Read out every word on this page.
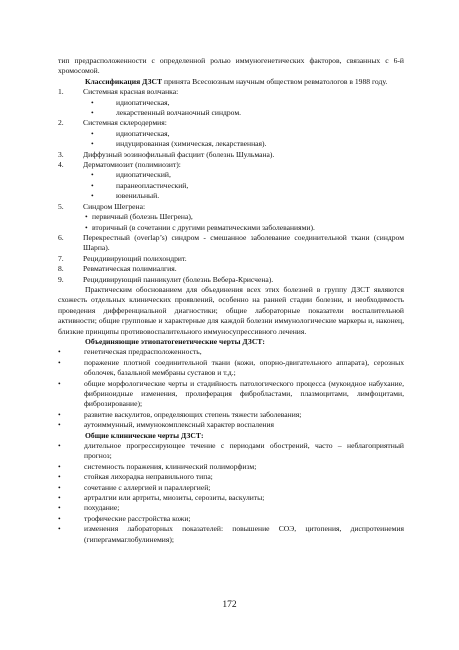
тип предрасположенности с определенной ролью иммуногенетических факторов, связанных с 6-й хромосомой.

Классификация ДЗСТ принята Всесоюзным научным обществом ревматологов в 1988 году.

1.	Системная красная волчанка:
•	идиопатическая,
•	лекарственный волчаночный синдром.
2.	Системная склеродермия:
•	идиопатическая,
•	индуцированная (химическая, лекарственная).
3.	Диффузный эозинофильный фасциит (болезнь Шульмана).
4.	Дерматомиозит (полимиозит):
•	идиопатический,
•	паранеопластический,
•	ювенильный.
5.	Синдром Шегрена:
• первичный (болезнь Шегрена),
• вторичный (в сочетании с другими ревматическими заболеваниями).
6.	Перекрестный (overlap’s) синдром - смешанное заболевание соединительной ткани (синдром Шарпа).
7.	Рецидивирующий полихондрит.
8.	Ревматическая полимиалгия.
9.	Рецидивирующий панникулит (болезнь Вебера-Крисчена).

Практическим обоснованием для объединения всех этих болезней в группу ДЗСТ являются схожесть отдельных клинических проявлений, особенно на ранней стадии болезни, и необходимость проведения дифференциальной диагностики; общие лабораторные показатели воспалительной активности; общие групповые и характерные для каждой болезни иммунологические маркеры и, наконец, близкие принципы противовоспалительного иммуносупрессивного лечения.

Объединяющие этиопатогенетические черты ДЗСТ:

•	генетическая предрасположенность,
•	поражение плотной соединительной ткани (кожи, опорно-двигательного аппарата), серозных оболочек, базальной мембраны суставов и т.д.;
•	общие морфологические черты и стадийность патологического процесса (мукоидное набухание, фибриноидные изменения, пролиферация фибробластами, плазмоцитами, лимфоцитами, фиброзирование);
•	развитие васкулитов, определяющих степень тяжести заболевания;
•	аутоиммунный, иммунокомплексный характер воспаления

Общие клинические черты ДЗСТ:

•	длительное прогрессирующее течение с периодами обострений, часто – неблагоприятный прогноз;
•	системность поражения, клинический полиморфизм;
•	стойкая лихорадка неправильного типа;
•	сочетание с аллергией и параллергией;
•	артралгии или артриты, миозиты, серозиты, васкулиты;
•	похудание;
•	трофические расстройства кожи;
•	изменения лабораторных показателей: повышение СОЭ, цитопения, диспротеинемия (гипергаммаглобулинемия);
172
